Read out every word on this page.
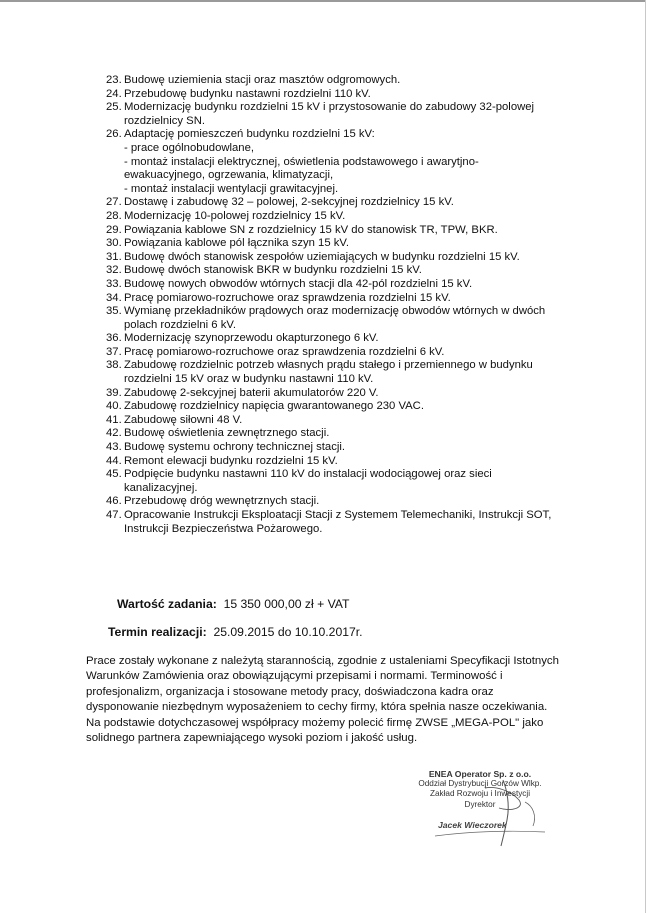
23. Budowę uziemienia stacji oraz masztów odgromowych.
24. Przebudowę budynku nastawni rozdzielni 110 kV.
25. Modernizację budynku rozdzielni 15 kV i przystosowanie do zabudowy 32-polowej
rozdzielnicy SN.
26. Adaptację pomieszczeń budynku rozdzielni 15 kV:
- prace ogólnobudowlane,
- montaż instalacji elektrycznej, oświetlenia podstawowego i awarytjno-
ewakuacyjnego, ogrzewania, klimatyzacji,
- montaż instalacji wentylacji grawitacyjnej.
27. Dostawę i zabudowę 32 – polowej, 2-sekcyjnej rozdzielnicy 15 kV.
28. Modernizację 10-polowej rozdzielnicy 15 kV.
29. Powiązania kablowe SN z rozdzielnicy 15 kV do stanowisk TR, TPW, BKR.
30. Powiązania kablowe pól łącznika szyn 15 kV.
31. Budowę dwóch stanowisk zespołów uziemiających w budynku rozdzielni 15 kV.
32. Budowę dwóch stanowisk BKR w budynku rozdzielni 15 kV.
33. Budowę nowych obwodów wtórnych stacji dla 42-pól rozdzielni 15 kV.
34. Pracę pomiarowo-rozruchowe oraz sprawdzenia rozdzielni 15 kV.
35. Wymianę przekładników prądowych oraz modernizację obwodów wtórnych w dwóch
polach rozdzielni 6 kV.
36. Modernizację szynoprzewodu okapturzonego 6 kV.
37. Pracę pomiarowo-rozruchowe oraz sprawdzenia rozdzielni 6 kV.
38. Zabudowę rozdzielnic potrzeb własnych prądu stałego i przemiennego w budynku
rozdzielni 15 kV oraz w budynku nastawni 110 kV.
39. Zabudowę 2-sekcyjnej baterii akumulatorów 220 V.
40. Zabudowę rozdzielnicy napięcia gwarantowanego 230 VAC.
41. Zabudowę siłowni 48 V.
42. Budowę oświetlenia zewnętrznego stacji.
43. Budowę systemu ochrony technicznej stacji.
44. Remont elewacji budynku rozdzielni 15 kV.
45. Podpięcie budynku nastawni 110 kV do instalacji wodociągowej oraz sieci
kanalizacyjnej.
46. Przebudowę dróg wewnętrznych stacji.
47. Opracowanie Instrukcji Eksploatacji Stacji z Systemem Telemechaniki, Instrukcji SOT,
Instrukcji Bezpieczeństwa Pożarowego.
Wartość zadania: 15 350 000,00 zł + VAT
Termin realizacji: 25.09.2015 do 10.10.2017r.
Prace zostały wykonane z należytą starannością, zgodnie z ustaleniami Specyfikacji Istotnych
Warunków Zamówienia oraz obowiązującymi przepisami i normami. Terminowość i
profesjonalizm, organizacja i stosowane metody pracy, doświadczona kadra oraz
dysponowanie niezbędnym wyposażeniem to cechy firmy, która spełnia nasze oczekiwania.
Na podstawie dotychczasowej współpracy możemy polecić firmę ZWSE „MEGA-POL" jako
solidnego partnera zapewniającego wysoki poziom i jakość usług.
ENEA Operator Sp. z o.o.
Oddział Dystrybucji Gorzów Wlkp.
Zakład Rozwoju i Inwestycji
Dyrektor
Jacek Wieczorek
